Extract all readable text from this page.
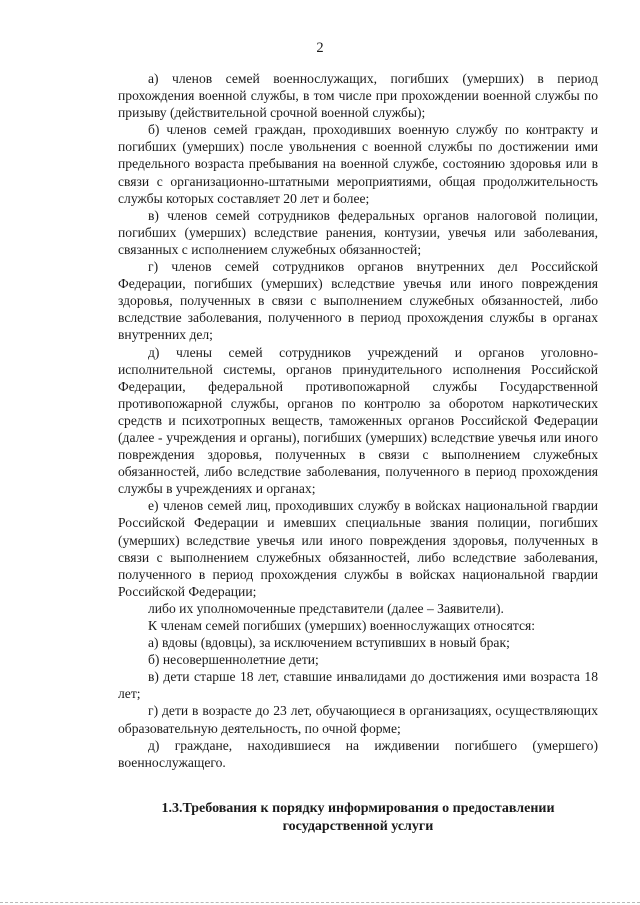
2

а) членов семей военнослужащих, погибших (умерших) в период прохождения военной службы, в том числе при прохождении военной службы по призыву (действительной срочной военной службы);

б) членов семей граждан, проходивших военную службу по контракту и погибших (умерших) после увольнения с военной службы по достижении ими предельного возраста пребывания на военной службе, состоянию здоровья или в связи с организационно-штатными мероприятиями, общая продолжительность службы которых составляет 20 лет и более;

в) членов семей сотрудников федеральных органов налоговой полиции, погибших (умерших) вследствие ранения, контузии, увечья или заболевания, связанных с исполнением служебных обязанностей;

г) членов семей сотрудников органов внутренних дел Российской Федерации, погибших (умерших) вследствие увечья или иного повреждения здоровья, полученных в связи с выполнением служебных обязанностей, либо вследствие заболевания, полученного в период прохождения службы в органах внутренних дел;

д) члены семей сотрудников учреждений и органов уголовно-исполнительной системы, органов принудительного исполнения Российской Федерации, федеральной противопожарной службы Государственной противопожарной службы, органов по контролю за оборотом наркотических средств и психотропных веществ, таможенных органов Российской Федерации (далее - учреждения и органы), погибших (умерших) вследствие увечья или иного повреждения здоровья, полученных в связи с выполнением служебных обязанностей, либо вследствие заболевания, полученного в период прохождения службы в учреждениях и органах;

е) членов семей лиц, проходивших службу в войсках национальной гвардии Российской Федерации и имевших специальные звания полиции, погибших (умерших) вследствие увечья или иного повреждения здоровья, полученных в связи с выполнением служебных обязанностей, либо вследствие заболевания, полученного в период прохождения службы в войсках национальной гвардии Российской Федерации;

либо их уполномоченные представители (далее – Заявители).

К членам семей погибших (умерших) военнослужащих относятся:

а) вдовы (вдовцы), за исключением вступивших в новый брак;

б) несовершеннолетние дети;

в) дети старше 18 лет, ставшие инвалидами до достижения ими возраста 18 лет;

г) дети в возрасте до 23 лет, обучающиеся в организациях, осуществляющих образовательную деятельность, по очной форме;

д) граждане, находившиеся на иждивении погибшего (умершего) военнослужащего.

1.3.Требования к порядку информирования о предоставлении
государственной услуги
